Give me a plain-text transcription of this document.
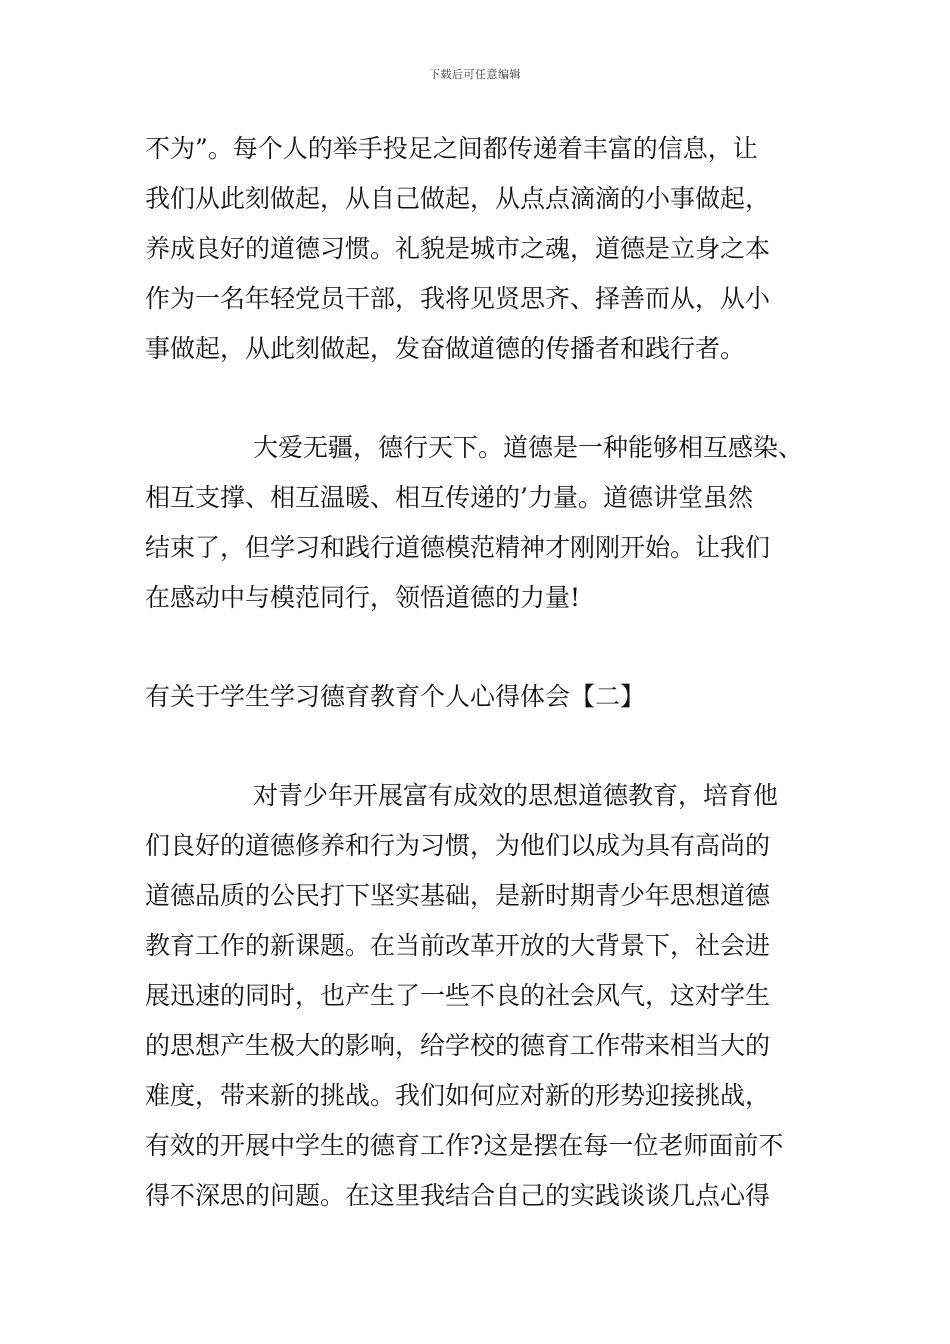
下载后可任意编辑
不为”。每个人的举手投足之间都传递着丰富的信息，让
我们从此刻做起，从自己做起，从点点滴滴的小事做起，
养成良好的道德习惯。礼貌是城市之魂，道德是立身之本
作为一名年轻党员干部，我将见贤思齐、择善而从，从小
事做起，从此刻做起，发奋做道德的传播者和践行者。
大爱无疆，德行天下。道德是一种能够相互感染、
相互支撑、相互温暖、相互传递的’力量。道德讲堂虽然
结束了，但学习和践行道德模范精神才刚刚开始。让我们
在感动中与模范同行，领悟道德的力量!
有关于学生学习德育教育个人心得体会【二】
对青少年开展富有成效的思想道德教育，培育他
们良好的道德修养和行为习惯，为他们以成为具有高尚的
道德品质的公民打下坚实基础，是新时期青少年思想道德
教育工作的新课题。在当前改革开放的大背景下，社会进
展迅速的同时，也产生了一些不良的社会风气，这对学生
的思想产生极大的影响，给学校的德育工作带来相当大的
难度，带来新的挑战。我们如何应对新的形势迎接挑战，
有效的开展中学生的德育工作?这是摆在每一位老师面前不
得不深思的问题。在这里我结合自己的实践谈谈几点心得
